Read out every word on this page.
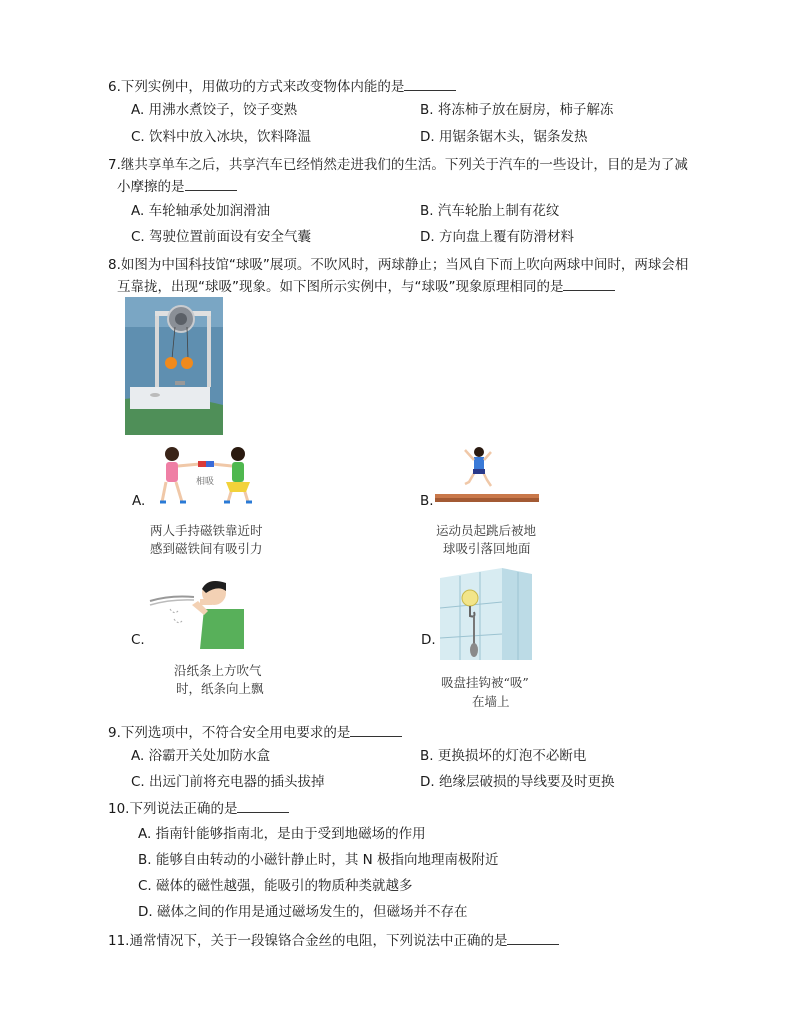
6.下列实例中，用做功的方式来改变物体内能的是
A. 用沸水煮饺子，饺子变熟	B. 将冻柿子放在厨房，柿子解冻
C. 饮料中放入冰块，饮料降温	D. 用锯条锯木头，锯条发热
7.继共享单车之后，共享汽车已经悄然走进我们的生活。下列关于汽车的一些设计，目的是为了减
小摩擦的是
A. 车轮轴承处加润滑油	B. 汽车轮胎上制有花纹
C. 驾驶位置前面设有安全气囊	D. 方向盘上覆有防滑材料
8.如图为中国科技馆“球吸”展项。不吹风时，两球静止；当风自下而上吹向两球中间时，两球会相
互靠拢，出现“球吸”现象。如下图所示实例中，与“球吸”现象原理相同的是
A.
相吸
两人手持磁铁靠近时
感到磁铁间有吸引力
B.
运动员起跳后被地
球吸引落回地面
C.
沿纸条上方吹气
时，纸条向上飘
D.
吸盘挂钩被“吸”
在墙上
9.下列选项中，不符合安全用电要求的是
A. 浴霸开关处加防水盒	B. 更换损坏的灯泡不必断电
C. 出远门前将充电器的插头拔掉	D. 绝缘层破损的导线要及时更换
10.下列说法正确的是
A. 指南针能够指南北，是由于受到地磁场的作用
B. 能够自由转动的小磁针静止时，其 N 极指向地理南极附近
C. 磁体的磁性越强，能吸引的物质种类就越多
D. 磁体之间的作用是通过磁场发生的，但磁场并不存在
11.通常情况下，关于一段镍铬合金丝的电阻，下列说法中正确的是
